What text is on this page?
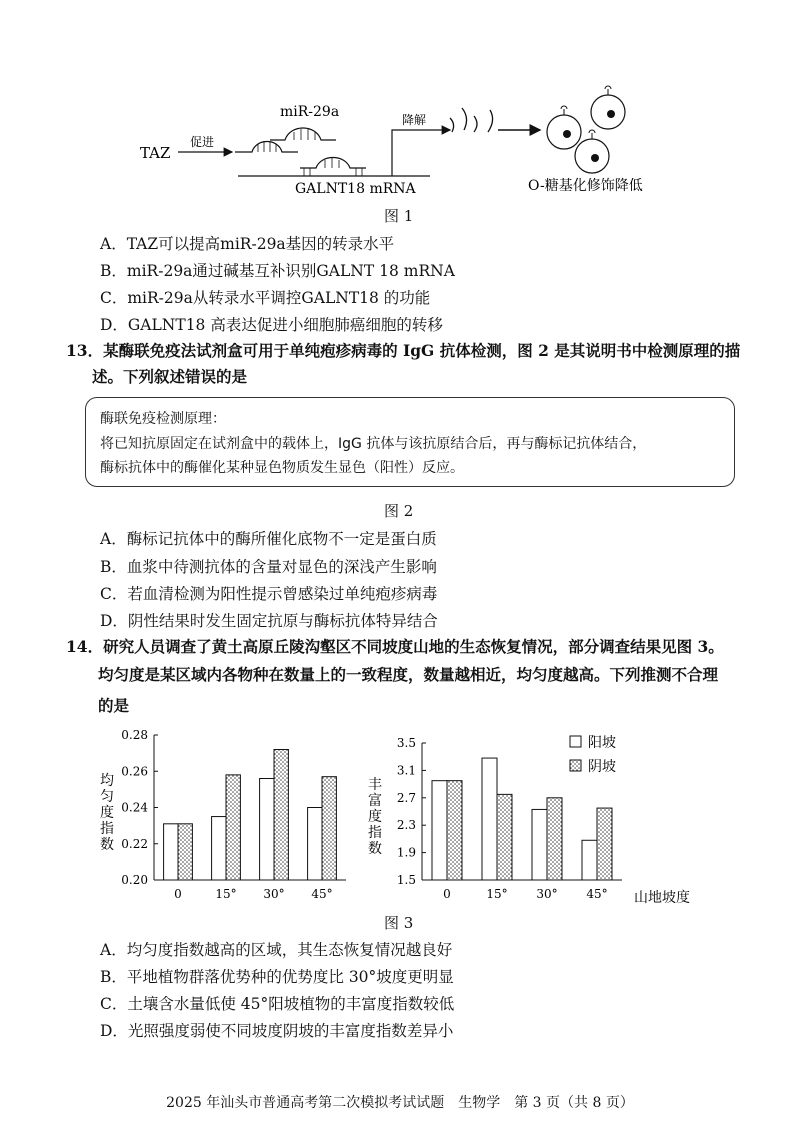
TAZ
促进
miR-29a
GALNT18 mRNA
降解
O-糖基化修饰降低
图 1
A．TAZ可以提高miR-29a基因的转录水平
B．miR-29a通过碱基互补识别GALNT 18 mRNA
C．miR-29a从转录水平调控GALNT18 的功能
D．GALNT18 高表达促进小细胞肺癌细胞的转移
13．某酶联免疫法试剂盒可用于单纯疱疹病毒的 IgG 抗体检测，图 2 是其说明书中检测原理的描
述。下列叙述错误的是
酶联免疫检测原理：
将已知抗原固定在试剂盒中的载体上，IgG 抗体与该抗原结合后，再与酶标记抗体结合，
酶标抗体中的酶催化某种显色物质发生显色（阳性）反应。
图 2
A．酶标记抗体中的酶所催化底物不一定是蛋白质
B．血浆中待测抗体的含量对显色的深浅产生影响
C．若血清检测为阳性提示曾感染过单纯疱疹病毒
D．阴性结果时发生固定抗原与酶标抗体特异结合
14．研究人员调查了黄土高原丘陵沟壑区不同坡度山地的生态恢复情况，部分调查结果见图 3。
均匀度是某区域内各物种在数量上的一致程度，数量越相近，均匀度越高。下列推测不合理
的是
0.20
0.22
0.24
0.26
0.28
均匀度指数
0	15° 30° 45°
1.5
1.9
2.3
2.7
3.1
3.5
丰富度指数
0	15° 30° 45° 山地坡度
阳坡
阴坡
图 3
A．均匀度指数越高的区域，其生态恢复情况越良好
B．平地植物群落优势种的优势度比 30°坡度更明显
C．土壤含水量低使 45°阳坡植物的丰富度指数较低
D．光照强度弱使不同坡度阴坡的丰富度指数差异小
2025 年汕头市普通高考第二次模拟考试试题　生物学　第 3 页（共 8 页）
